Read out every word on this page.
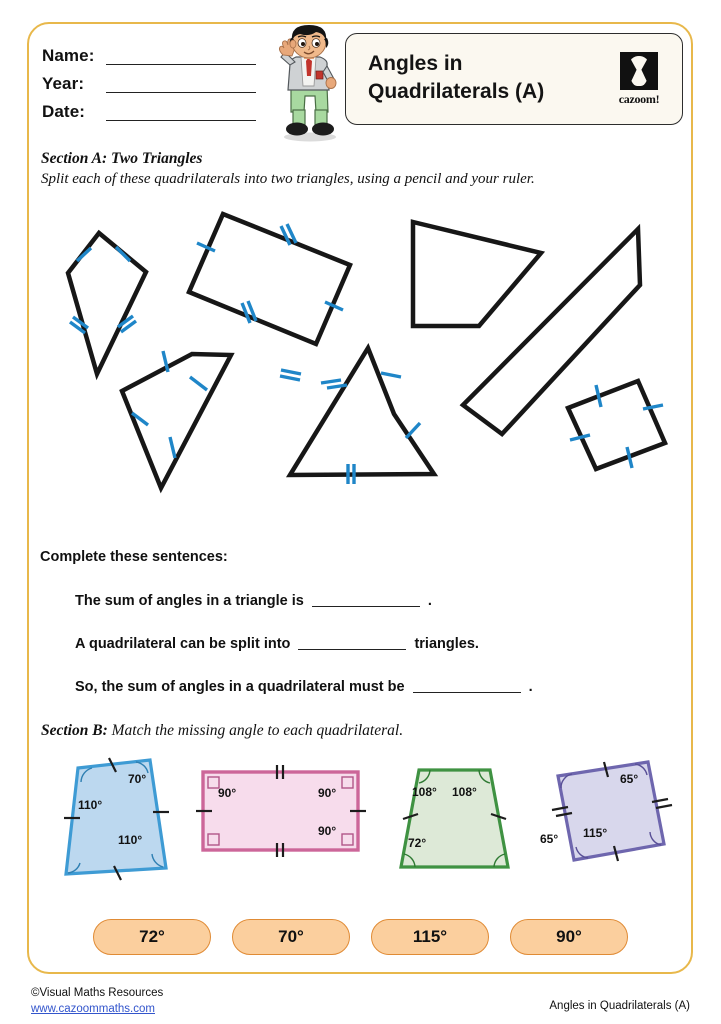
Name:
Year:
Date:
Angles in
Quadrilaterals (A)	cazoom!
Section A: Two Triangles
Split each of these quadrilaterals into two triangles, using a pencil and your ruler.
Complete these sentences:
The sum of angles in a triangle is	.
A quadrilateral can be split into	triangles.
So, the sum of angles in a quadrilateral must be	.
Section B: Match the missing angle to each quadrilateral.
70°
110°
110°
90°	90°
90°
108° 108°
72°
65°
65° 115°
72°	70°	115°	90°
©Visual Maths Resources
www.cazoommaths.com	Angles in Quadrilaterals (A)
